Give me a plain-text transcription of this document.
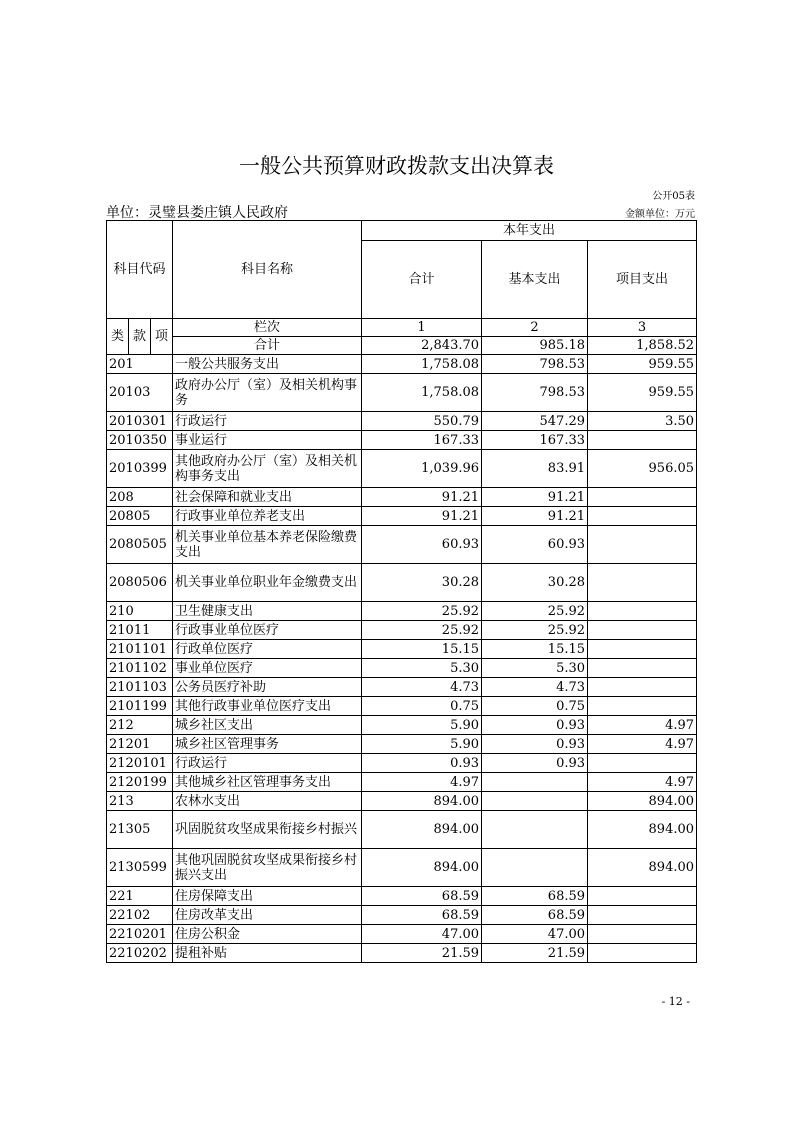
一般公共预算财政拨款支出决算表
公开05表
单位：灵璧县娄庄镇人民政府	金额单位：万元
科目代码			科目名称	本年支出		
				合计	基本支出	项目支出
类	款	项	栏次	1	2	3
			合计	2,843.70	985.18	1,858.52
201			一般公共服务支出	1,758.08	798.53	959.55
20103			政府办公厅（室）及相关机构事务	1,758.08	798.53	959.55
2010301			行政运行	550.79	547.29	3.50
2010350			事业运行	167.33	167.33	
2010399			其他政府办公厅（室）及相关机构事务支出	1,039.96	83.91	956.05
208			社会保障和就业支出	91.21	91.21	
20805			行政事业单位养老支出	91.21	91.21	
2080505			机关事业单位基本养老保险缴费支出	60.93	60.93	
2080506			机关事业单位职业年金缴费支出	30.28	30.28	
210			卫生健康支出	25.92	25.92	
21011			行政事业单位医疗	25.92	25.92	
2101101			行政单位医疗	15.15	15.15	
2101102			事业单位医疗	5.30	5.30	
2101103			公务员医疗补助	4.73	4.73	
2101199			其他行政事业单位医疗支出	0.75	0.75	
212			城乡社区支出	5.90	0.93	4.97
21201			城乡社区管理事务	5.90	0.93	4.97
2120101			行政运行	0.93	0.93	
2120199			其他城乡社区管理事务支出	4.97		4.97
213			农林水支出	894.00		894.00
21305			巩固脱贫攻坚成果衔接乡村振兴	894.00		894.00
2130599			其他巩固脱贫攻坚成果衔接乡村振兴支出	894.00		894.00
221			住房保障支出	68.59	68.59	
22102			住房改革支出	68.59	68.59	
2210201			住房公积金	47.00	47.00	
2210202			提租补贴	21.59	21.59	
- 12 -
